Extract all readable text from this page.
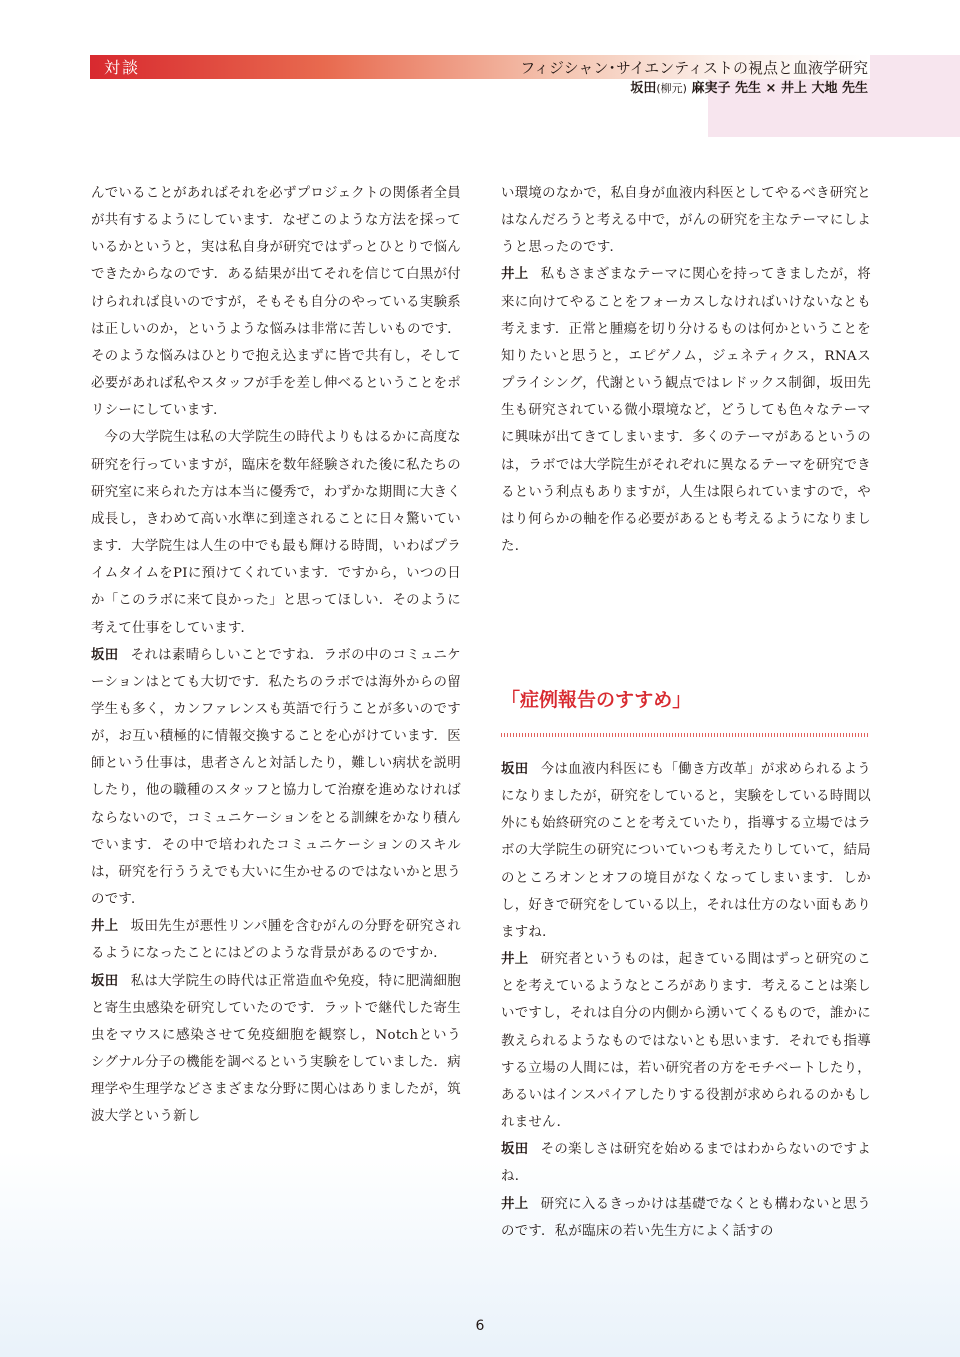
対談	フィジシャン･サイエンティストの視点と血液学研究
坂田(柳元) 麻実子 先生 × 井上 大地 先生

んでいることがあればそれを必ずプロジェクトの関係者全員が共有するようにしています．なぜこのような方法を採っているかというと，実は私自身が研究ではずっとひとりで悩んできたからなのです．ある結果が出てそれを信じて白黒が付けられれば良いのですが，そもそも自分のやっている実験系は正しいのか，というような悩みは非常に苦しいものです．そのような悩みはひとりで抱え込まずに皆で共有し，そして必要があれば私やスタッフが手を差し伸べるということをポリシーにしています．

今の大学院生は私の大学院生の時代よりもはるかに高度な研究を行っていますが，臨床を数年経験された後に私たちの研究室に来られた方は本当に優秀で，わずかな期間に大きく成長し，きわめて高い水準に到達されることに日々驚いています．大学院生は人生の中でも最も輝ける時間，いわばプライムタイムをPIに預けてくれています．ですから，いつの日か「このラボに来て良かった」と思ってほしい．そのように考えて仕事をしています．

坂田 それは素晴らしいことですね．ラボの中のコミュニケーションはとても大切です．私たちのラボでは海外からの留学生も多く，カンファレンスも英語で行うことが多いのですが，お互い積極的に情報交換することを心がけています．医師という仕事は，患者さんと対話したり，難しい病状を説明したり，他の職種のスタッフと協力して治療を進めなければならないので，コミュニケーションをとる訓練をかなり積んでいます．その中で培われたコミュニケーションのスキルは，研究を行ううえでも大いに生かせるのではないかと思うのです．

井上 坂田先生が悪性リンパ腫を含むがんの分野を研究されるようになったことにはどのような背景があるのですか．

坂田 私は大学院生の時代は正常造血や免疫，特に肥満細胞と寄生虫感染を研究していたのです．ラットで継代した寄生虫をマウスに感染させて免疫細胞を観察し，Notchというシグナル分子の機能を調べるという実験をしていました．病理学や生理学などさまざまな分野に関心はありましたが，筑波大学という新し

い環境のなかで，私自身が血液内科医としてやるべき研究とはなんだろうと考える中で，がんの研究を主なテーマにしようと思ったのです．

井上 私もさまざまなテーマに関心を持ってきましたが，将来に向けてやることをフォーカスしなければいけないなとも考えます．正常と腫瘍を切り分けるものは何かということを知りたいと思うと，エピゲノム，ジェネティクス，RNAスプライシング，代謝という観点ではレドックス制御，坂田先生も研究されている微小環境など，どうしても色々なテーマに興味が出てきてしまいます．多くのテーマがあるというのは，ラボでは大学院生がそれぞれに異なるテーマを研究できるという利点もありますが，人生は限られていますので，やはり何らかの軸を作る必要があるとも考えるようになりました．

「症例報告のすすめ」

坂田 今は血液内科医にも「働き方改革」が求められるようになりましたが，研究をしていると，実験をしている時間以外にも始終研究のことを考えていたり，指導する立場ではラボの大学院生の研究についていつも考えたりしていて，結局のところオンとオフの境目がなくなってしまいます．しかし，好きで研究をしている以上，それは仕方のない面もありますね．

井上 研究者というものは，起きている間はずっと研究のことを考えているようなところがあります．考えることは楽しいですし，それは自分の内側から湧いてくるもので，誰かに教えられるようなものではないとも思います．それでも指導する立場の人間には，若い研究者の方をモチベートしたり，あるいはインスパイアしたりする役割が求められるのかもしれません．

坂田 その楽しさは研究を始めるまではわからないのですよね．

井上 研究に入るきっかけは基礎でなくとも構わないと思うのです．私が臨床の若い先生方によく話すの

6
